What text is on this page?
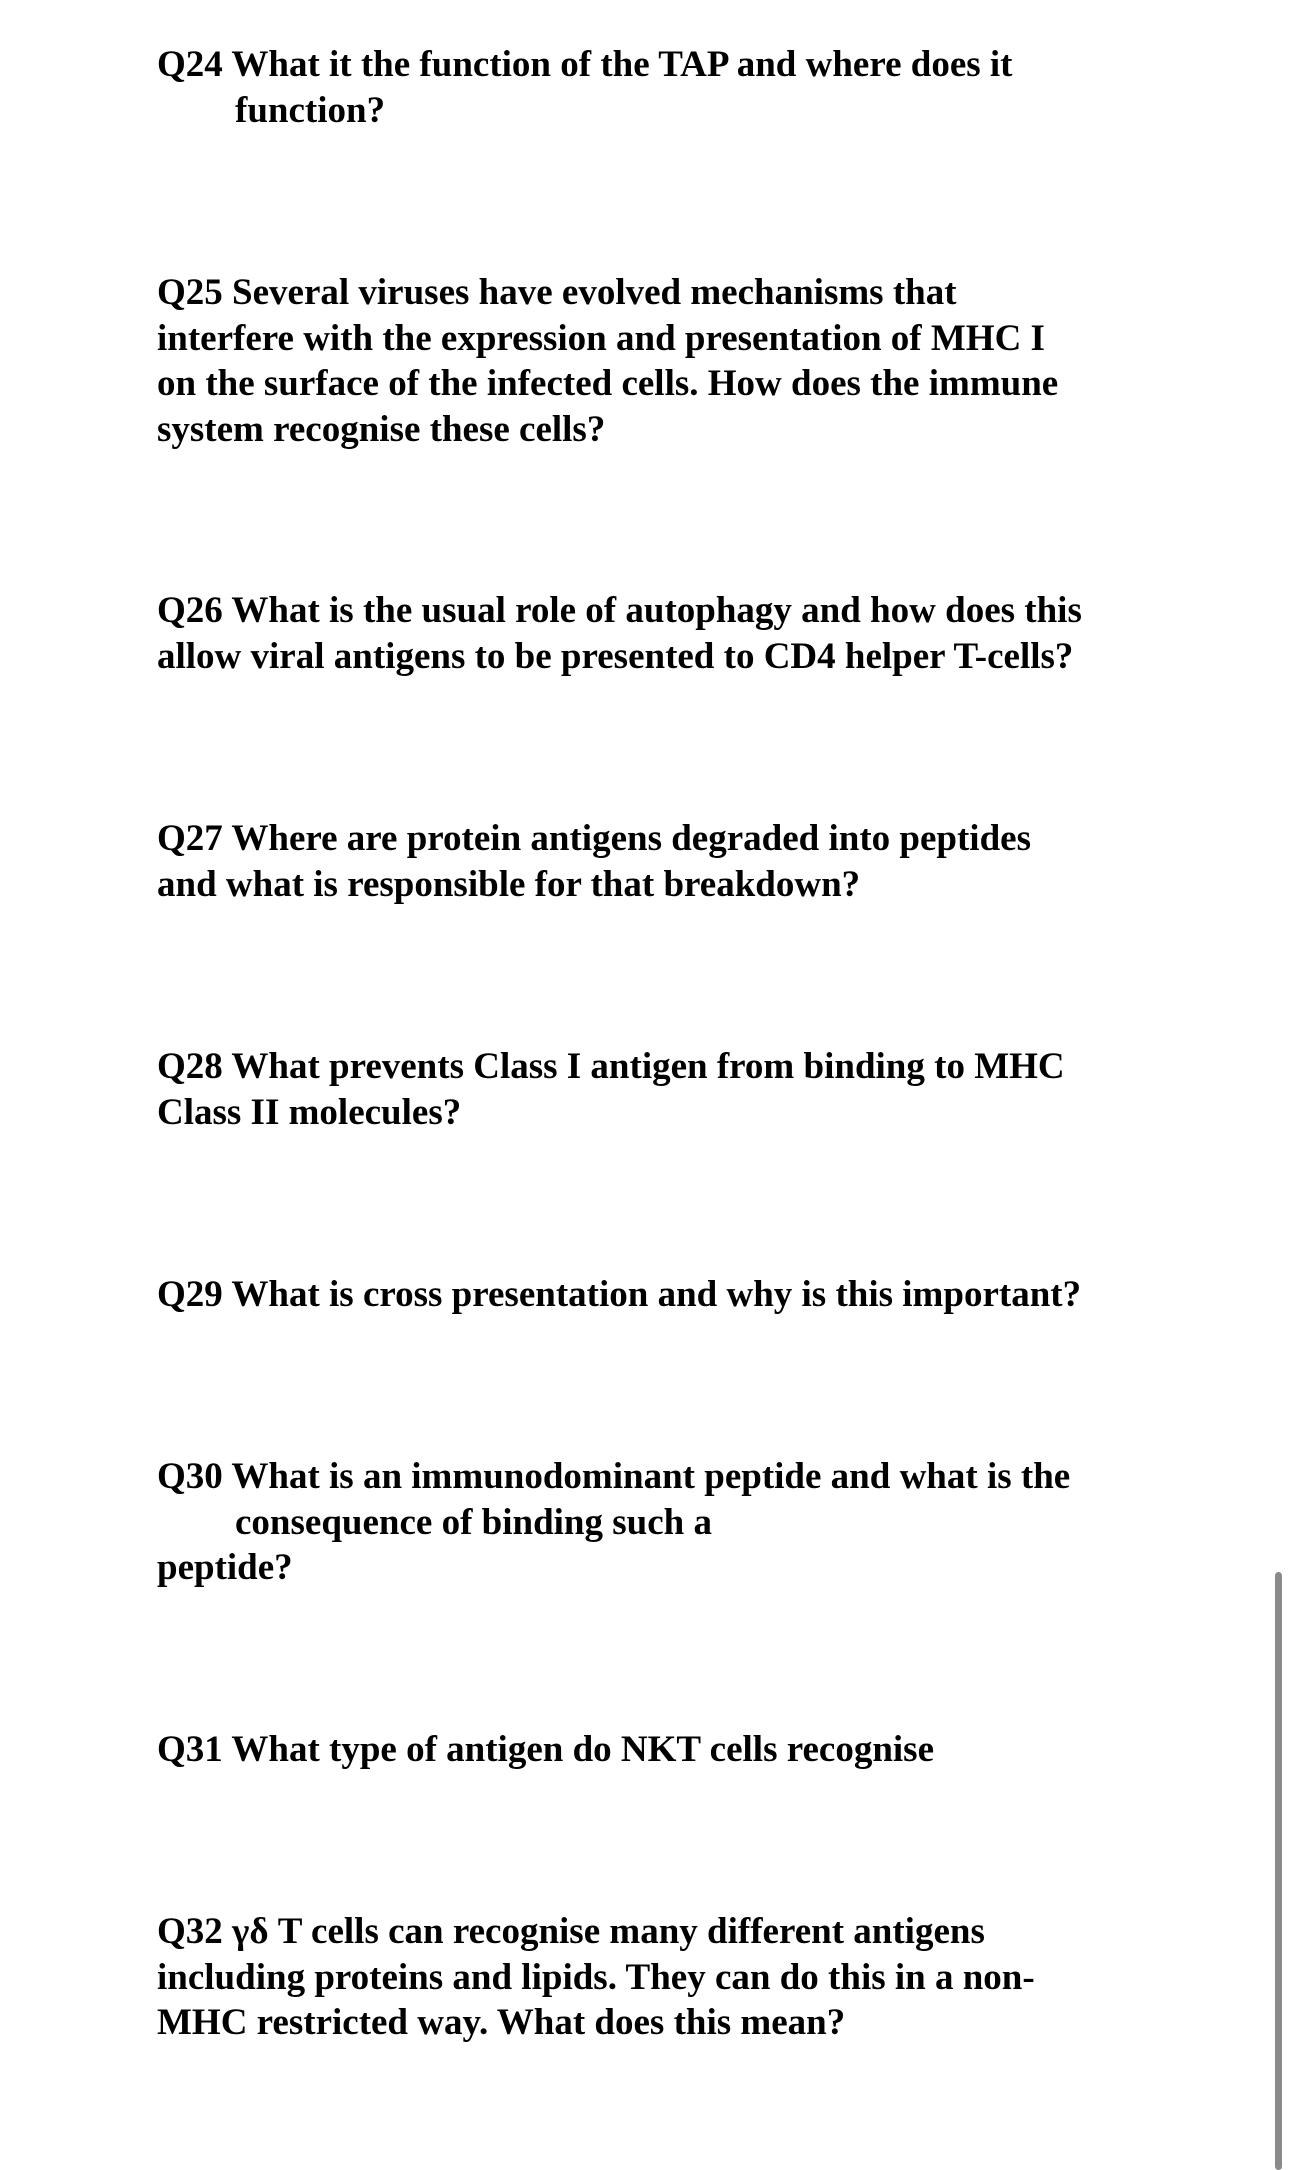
Q24 What it the function of the TAP and where does it
function?
Q25 Several viruses have evolved mechanisms that
interfere with the expression and presentation of MHC I
on the surface of the infected cells. How does the immune
system recognise these cells?
Q26 What is the usual role of autophagy and how does this
allow viral antigens to be presented to CD4 helper T-cells?
Q27 Where are protein antigens degraded into peptides
and what is responsible for that breakdown?
Q28 What prevents Class I antigen from binding to MHC
Class II molecules?
Q29 What is cross presentation and why is this important?
Q30 What is an immunodominant peptide and what is the
consequence of binding such a
peptide?
Q31 What type of antigen do NKT cells recognise
Q32 γδ T cells can recognise many different antigens
including proteins and lipids. They can do this in a non-
MHC restricted way. What does this mean?
